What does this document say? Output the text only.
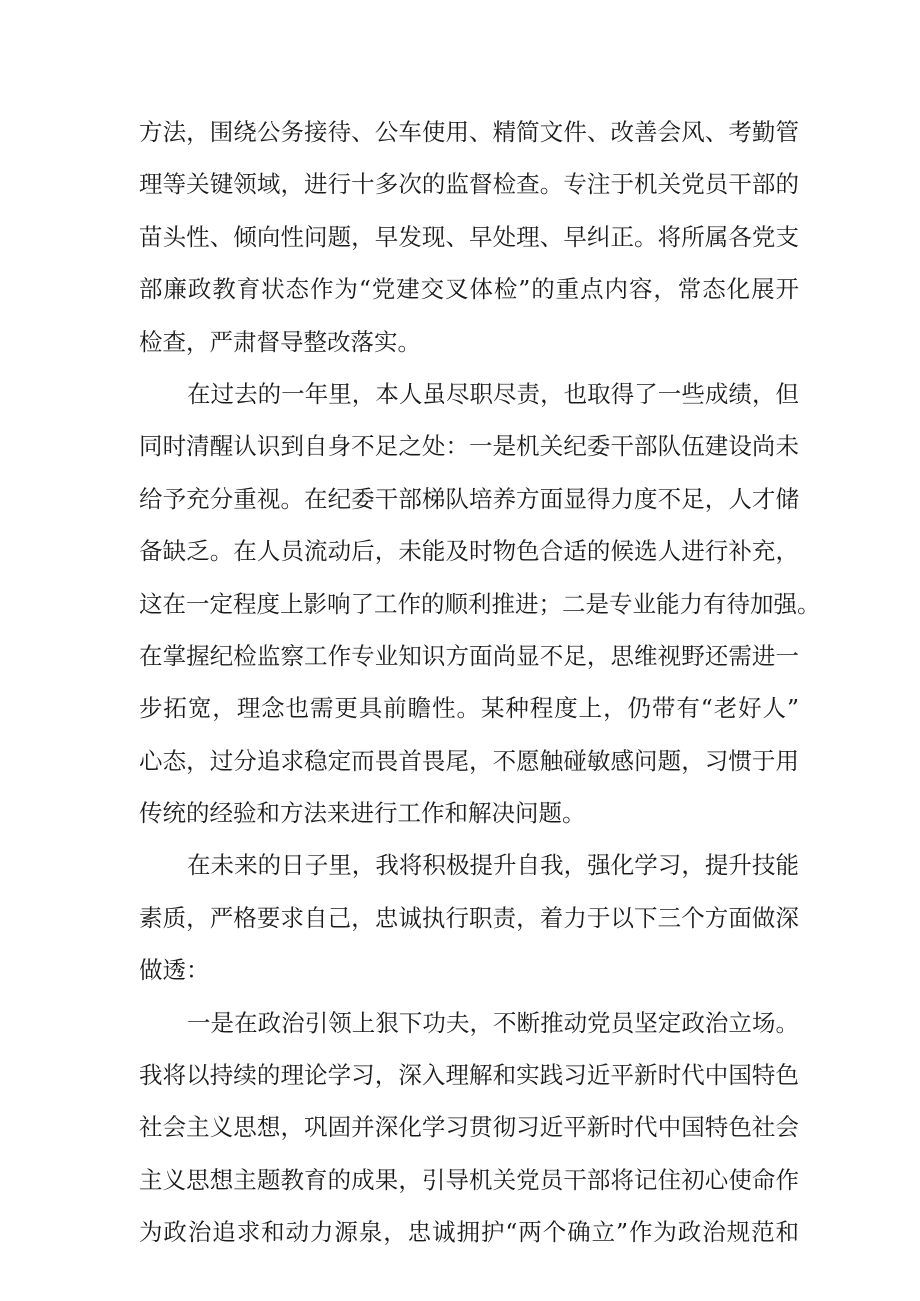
方法，围绕公务接待、公车使用、精简文件、改善会风、考勤管
理等关键领域，进行十多次的监督检查。专注于机关党员干部的
苗头性、倾向性问题，早发现、早处理、早纠正。将所属各党支
部廉政教育状态作为“党建交叉体检”的重点内容，常态化展开
检查，严肃督导整改落实。
在过去的一年里，本人虽尽职尽责，也取得了一些成绩，但
同时清醒认识到自身不足之处：一是机关纪委干部队伍建设尚未
给予充分重视。在纪委干部梯队培养方面显得力度不足，人才储
备缺乏。在人员流动后，未能及时物色合适的候选人进行补充，
这在一定程度上影响了工作的顺利推进；二是专业能力有待加强。
在掌握纪检监察工作专业知识方面尚显不足，思维视野还需进一
步拓宽，理念也需更具前瞻性。某种程度上，仍带有“老好人”
心态，过分追求稳定而畏首畏尾，不愿触碰敏感问题，习惯于用
传统的经验和方法来进行工作和解决问题。
在未来的日子里，我将积极提升自我，强化学习，提升技能
素质，严格要求自己，忠诚执行职责，着力于以下三个方面做深
做透：
一是在政治引领上狠下功夫，不断推动党员坚定政治立场。
我将以持续的理论学习，深入理解和实践习近平新时代中国特色
社会主义思想，巩固并深化学习贯彻习近平新时代中国特色社会
主义思想主题教育的成果，引导机关党员干部将记住初心使命作
为政治追求和动力源泉，忠诚拥护“两个确立”作为政治规范和
